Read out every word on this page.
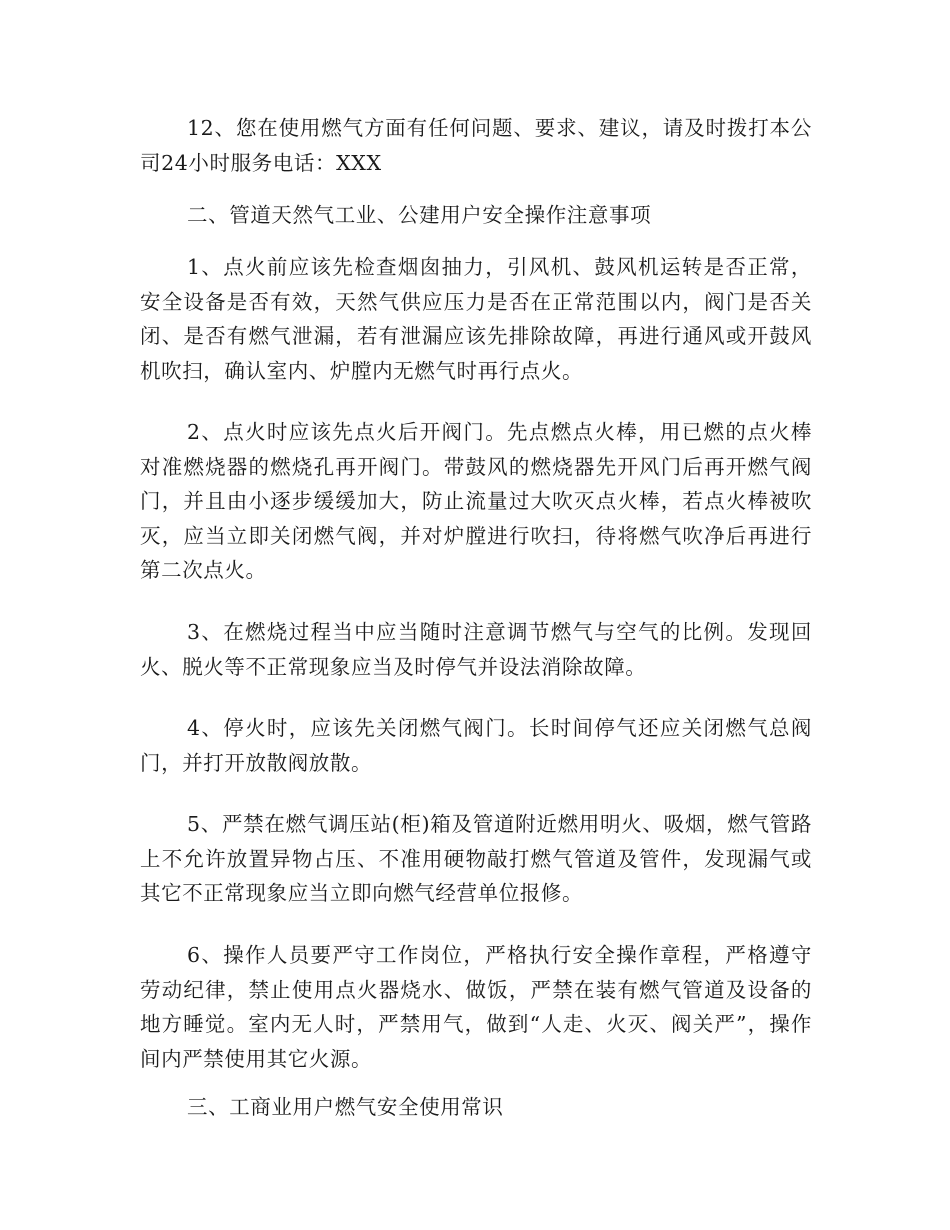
12、您在使用燃气方面有任何问题、要求、建议，请及时拨打本公司24小时服务电话：XXX

二、管道天然气工业、公建用户安全操作注意事项

1、点火前应该先检查烟囱抽力，引风机、鼓风机运转是否正常，安全设备是否有效，天然气供应压力是否在正常范围以内，阀门是否关闭、是否有燃气泄漏，若有泄漏应该先排除故障，再进行通风或开鼓风机吹扫，确认室内、炉膛内无燃气时再行点火。

2、点火时应该先点火后开阀门。先点燃点火棒，用已燃的点火棒对准燃烧器的燃烧孔再开阀门。带鼓风的燃烧器先开风门后再开燃气阀门，并且由小逐步缓缓加大，防止流量过大吹灭点火棒，若点火棒被吹灭，应当立即关闭燃气阀，并对炉膛进行吹扫，待将燃气吹净后再进行第二次点火。

3、在燃烧过程当中应当随时注意调节燃气与空气的比例。发现回火、脱火等不正常现象应当及时停气并设法消除故障。

4、停火时，应该先关闭燃气阀门。长时间停气还应关闭燃气总阀门，并打开放散阀放散。

5、严禁在燃气调压站(柜)箱及管道附近燃用明火、吸烟，燃气管路上不允许放置异物占压、不准用硬物敲打燃气管道及管件，发现漏气或其它不正常现象应当立即向燃气经营单位报修。

6、操作人员要严守工作岗位，严格执行安全操作章程，严格遵守劳动纪律，禁止使用点火器烧水、做饭，严禁在装有燃气管道及设备的地方睡觉。室内无人时，严禁用气，做到“人走、火灭、阀关严”，操作间内严禁使用其它火源。

三、工商业用户燃气安全使用常识
